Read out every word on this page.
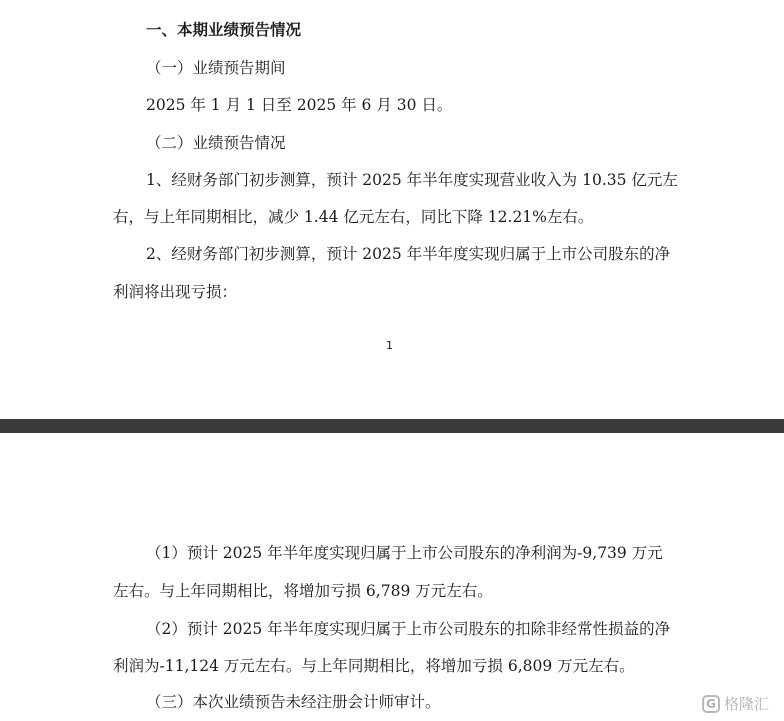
一、本期业绩预告情况
（一）业绩预告期间
2025 年 1 月 1 日至 2025 年 6 月 30 日。
（二）业绩预告情况
1、经财务部门初步测算，预计 2025 年半年度实现营业收入为 10.35 亿元左
右，与上年同期相比，减少 1.44 亿元左右，同比下降 12.21%左右。
2、经财务部门初步测算，预计 2025 年半年度实现归属于上市公司股东的净
利润将出现亏损：
1
（1）预计 2025 年半年度实现归属于上市公司股东的净利润为-9,739 万元
左右。与上年同期相比，将增加亏损 6,789 万元左右。
（2）预计 2025 年半年度实现归属于上市公司股东的扣除非经常性损益的净
利润为-11,124 万元左右。与上年同期相比，将增加亏损 6,809 万元左右。
（三）本次业绩预告未经注册会计师审计。	G 格隆汇
